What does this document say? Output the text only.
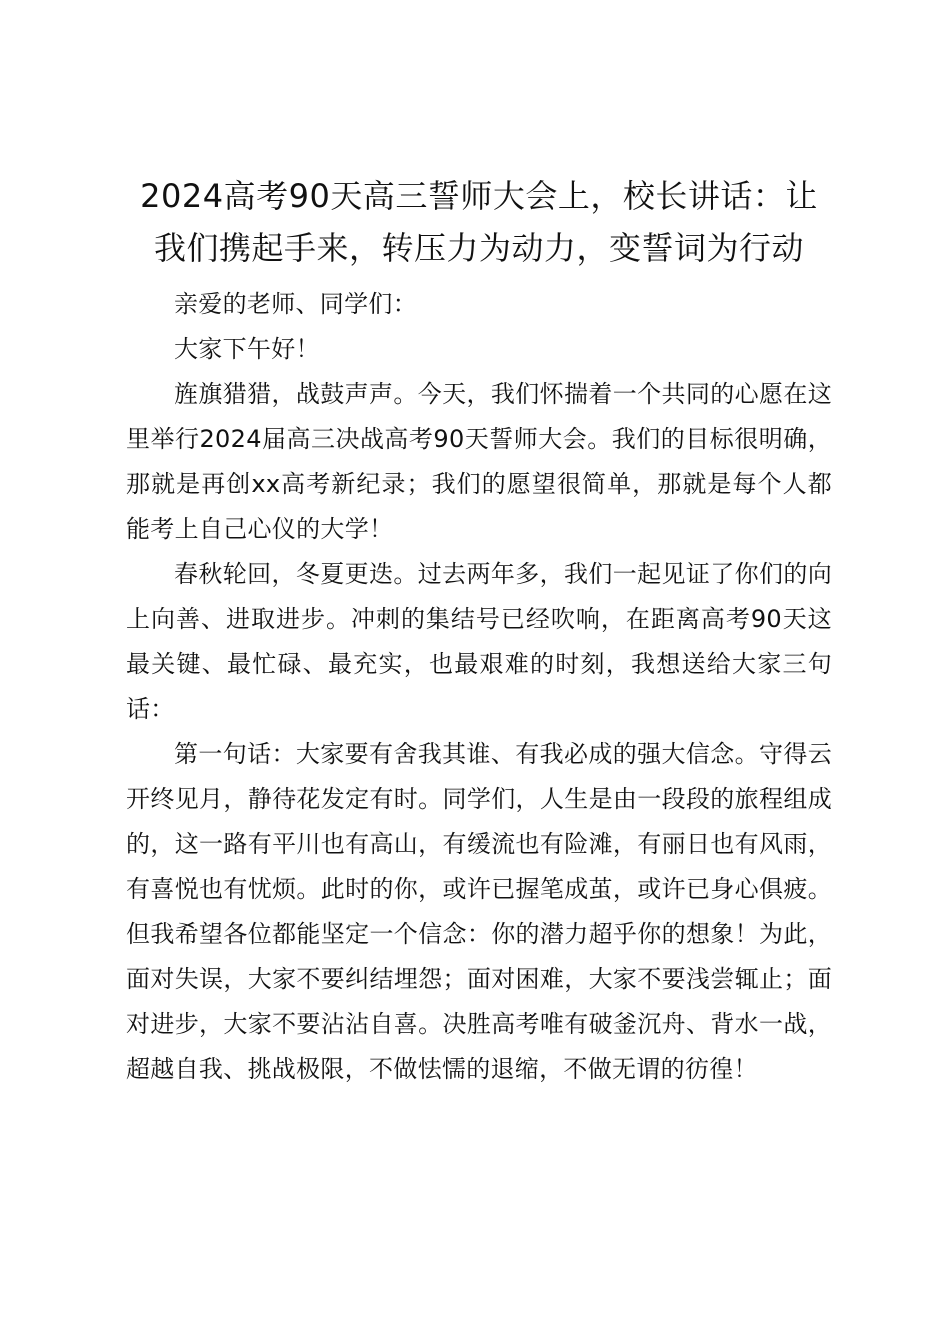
2024高考90天高三誓师大会上，校长讲话：让我们携起手来，转压力为动力，变誓词为行动

亲爱的老师、同学们：

大家下午好！

旌旗猎猎，战鼓声声。今天，我们怀揣着一个共同的心愿在这里举行2024届高三决战高考90天誓师大会。我们的目标很明确，那就是再创xx高考新纪录；我们的愿望很简单，那就是每个人都能考上自己心仪的大学！

春秋轮回，冬夏更迭。过去两年多，我们一起见证了你们的向上向善、进取进步。冲刺的集结号已经吹响，在距离高考90天这最关键、最忙碌、最充实，也最艰难的时刻，我想送给大家三句话：

第一句话：大家要有舍我其谁、有我必成的强大信念。守得云开终见月，静待花发定有时。同学们，人生是由一段段的旅程组成的，这一路有平川也有高山，有缓流也有险滩，有丽日也有风雨，有喜悦也有忧烦。此时的你，或许已握笔成茧，或许已身心俱疲。但我希望各位都能坚定一个信念：你的潜力超乎你的想象！为此，面对失误，大家不要纠结埋怨；面对困难，大家不要浅尝辄止；面对进步，大家不要沾沾自喜。决胜高考唯有破釜沉舟、背水一战，超越自我、挑战极限，不做怯懦的退缩，不做无谓的彷徨！
